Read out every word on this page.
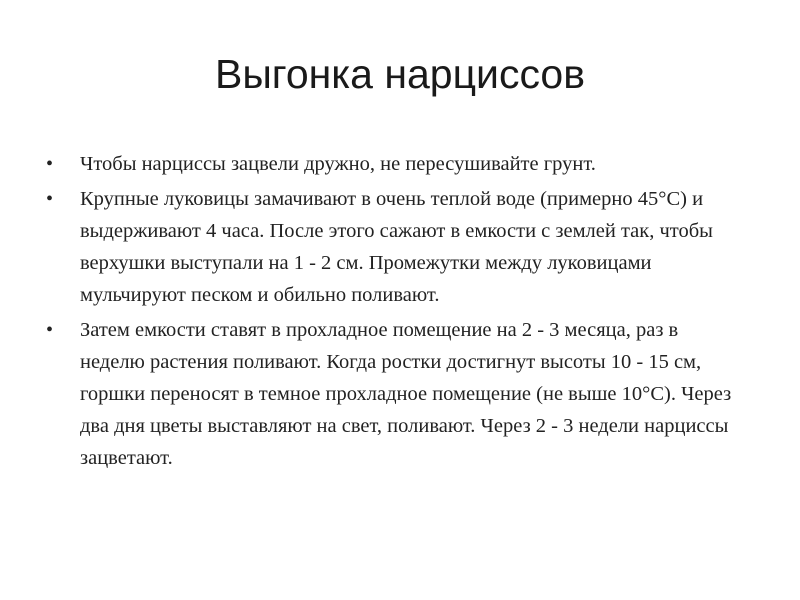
Выгонка нарциссов
• Чтобы нарциссы зацвели дружно, не пересушивайте грунт.
• Крупные луковицы замачивают в очень теплой воде (примерно 45°C) и выдерживают 4 часа. После этого сажают в емкости с землей так, чтобы верхушки выступали на 1 - 2 см. Промежутки между луковицами мульчируют песком и обильно поливают.
• Затем емкости ставят в прохладное помещение на 2 - 3 месяца, раз в неделю растения поливают. Когда ростки достигнут высоты 10 - 15 см, горшки переносят в темное прохладное помещение (не выше 10°C). Через два дня цветы выставляют на свет, поливают. Через 2 - 3 недели нарциссы зацветают.
